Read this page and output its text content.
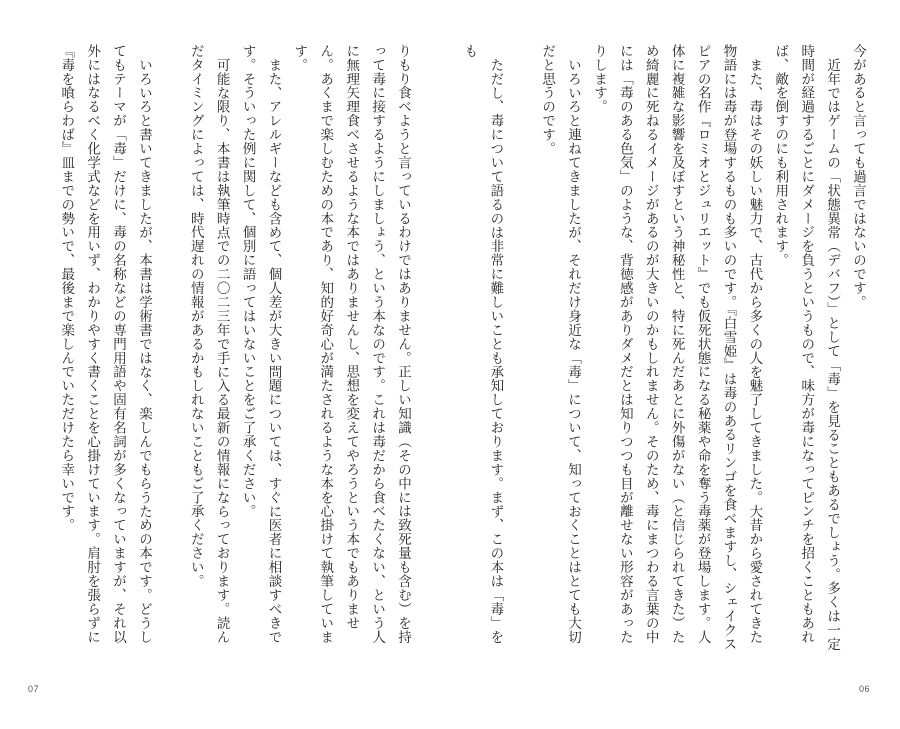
今があると言っても過言ではないのです。

近年ではゲームの「状態異常（デバフ）」として「毒」を見ることもあるでしょう。多くは一定時間が経過するごとにダメージを負うというもので、味方が毒になってピンチを招くこともあれば、敵を倒すのにも利用されます。

また、毒はその妖しい魅力で、古代から多くの人を魅了してきました。大昔から愛されてきた物語には毒が登場するものも多いのです。『白雪姫』は毒のあるリンゴを食べますし、シェイクスピアの名作『ロミオとジュリエット』でも仮死状態になる秘薬や命を奪う毒薬が登場します。人体に複雑な影響を及ぼすという神秘性と、特に死んだあとに外傷がない（と信じられてきた）ため綺麗に死ねるイメージがあるのが大きいのかもしれません。そのため、毒にまつわる言葉の中には「毒のある色気」のような、背徳感がありダメだとは知りつつも目が離せない形容があったりします。

いろいろと連ねてきましたが、それだけ身近な「毒」について、知っておくことはとても大切だと思うのです。

ただし、毒について語るのは非常に難しいことも承知しております。まず、この本は「毒」をも

06

りもり食べようと言っているわけではありません。正しい知識（その中には致死量も含む）を持って毒に接するようにしましょう、という本なのです。これは毒だから食べたくない、という人に無理矢理食べさせるような本ではありませんし、思想を変えてやろうという本でもありません。あくまで楽しむための本であり、知的好奇心が満たされるような本を心掛けて執筆しています。

また、アレルギーなども含めて、個人差が大きい問題については、すぐに医者に相談すべきです。そういった例に関して、個別に語ってはいないことをご了承ください。

可能な限り、本書は執筆時点での二〇二三年で手に入る最新の情報にならっております。読んだタイミングによっては、時代遅れの情報があるかもしれないこともご了承ください。

いろいろと書いてきましたが、本書は学術書ではなく、楽しんでもらうための本です。どうしてもテーマが「毒」だけに、毒の名称などの専門用語や固有名詞が多くなっていますが、それ以外にはなるべく化学式などを用いず、わかりやすく書くことを心掛けています。肩肘を張らずに『毒を喰らわば』皿までの勢いで、最後まで楽しんでいただけたら幸いです。

07
